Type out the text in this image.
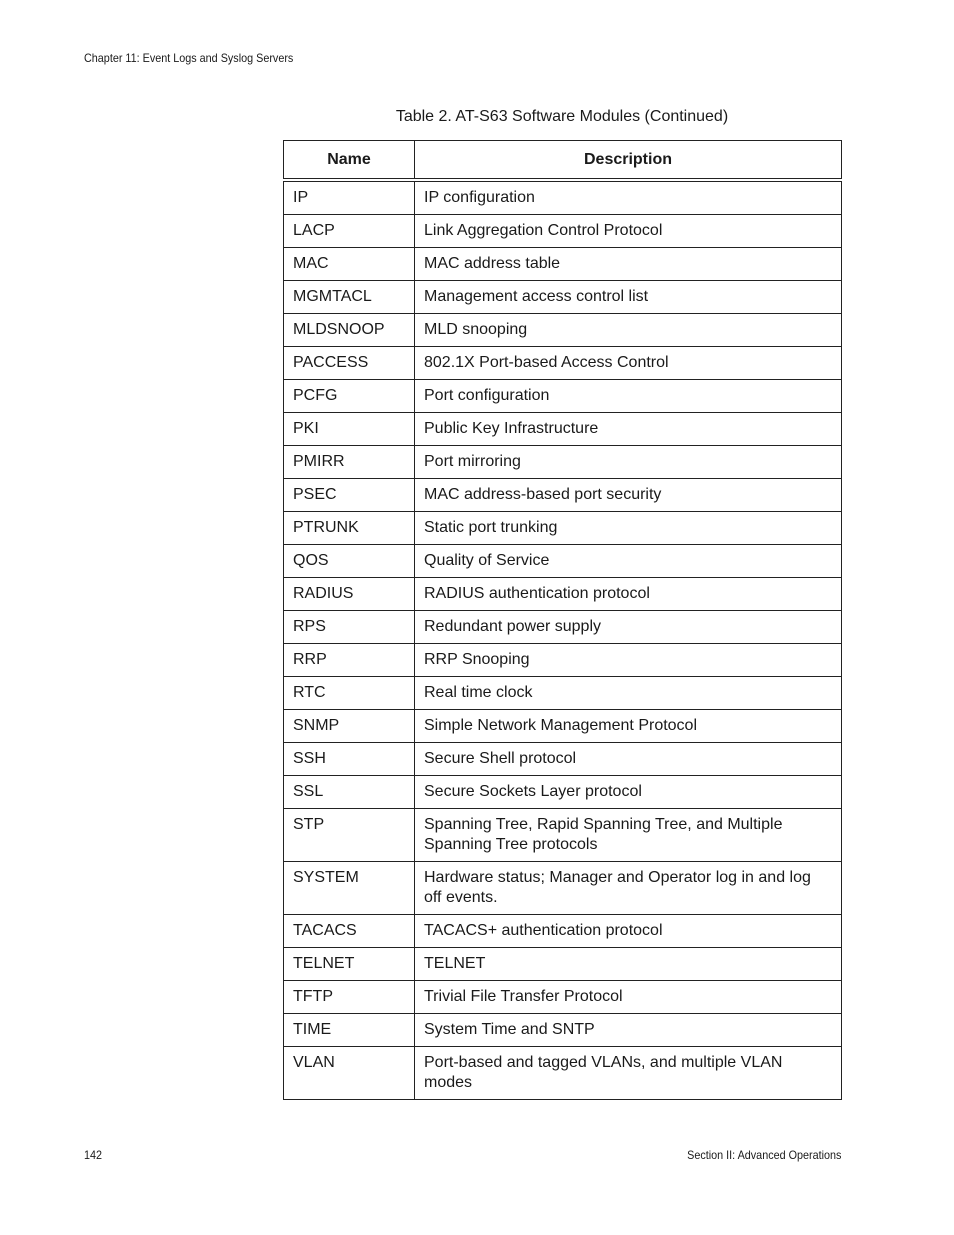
Chapter 11: Event Logs and Syslog Servers
Table 2. AT-S63 Software Modules (Continued)
Name	Description
IP	IP configuration
LACP	Link Aggregation Control Protocol
MAC	MAC address table
MGMTACL	Management access control list
MLDSNOOP	MLD snooping
PACCESS	802.1X Port-based Access Control
PCFG	Port configuration
PKI	Public Key Infrastructure
PMIRR	Port mirroring
PSEC	MAC address-based port security
PTRUNK	Static port trunking
QOS	Quality of Service
RADIUS	RADIUS authentication protocol
RPS	Redundant power supply
RRP	RRP Snooping
RTC	Real time clock
SNMP	Simple Network Management Protocol
SSH	Secure Shell protocol
SSL	Secure Sockets Layer protocol
STP	Spanning Tree, Rapid Spanning Tree, and Multiple Spanning Tree protocols
SYSTEM	Hardware status; Manager and Operator log in and log off events.
TACACS	TACACS+ authentication protocol
TELNET	TELNET
TFTP	Trivial File Transfer Protocol
TIME	System Time and SNTP
VLAN	Port-based and tagged VLANs, and multiple VLAN modes
142	Section II: Advanced Operations
